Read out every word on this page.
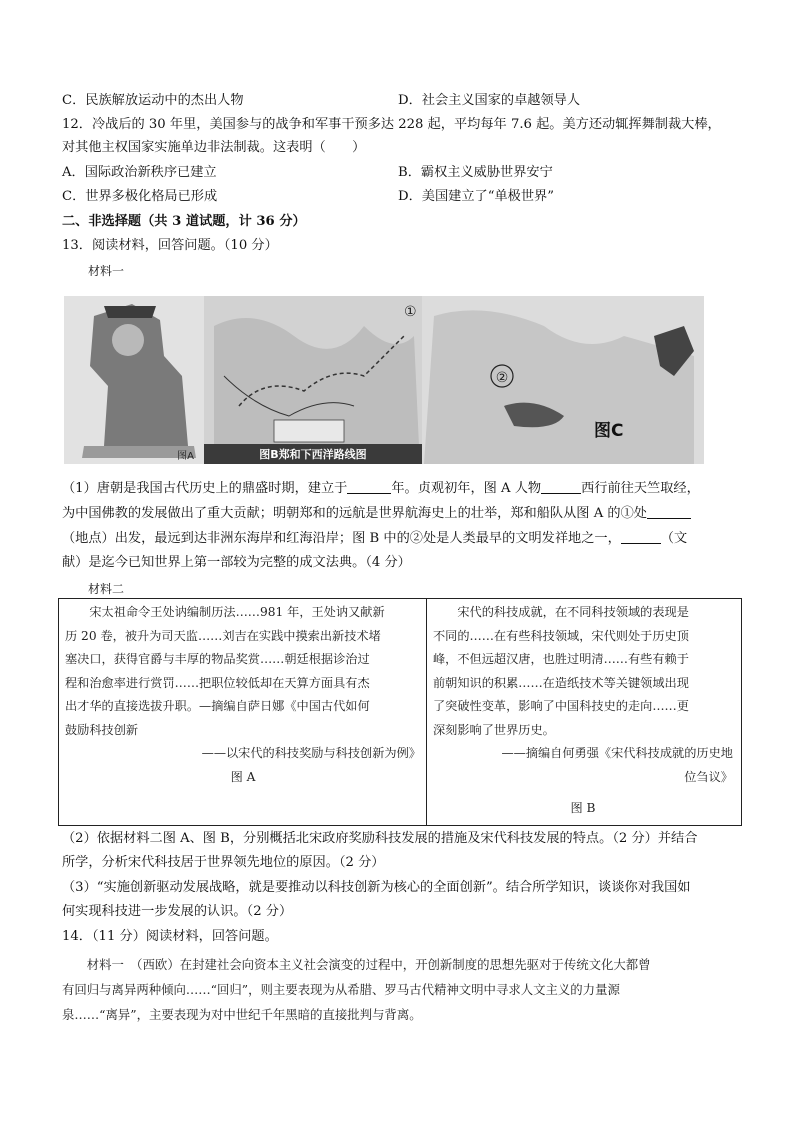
C．民族解放运动中的杰出人物	D．社会主义国家的卓越领导人
12．冷战后的 30 年里，美国参与的战争和军事干预多达 228 起，平均每年 7.6 起。美方还动辄挥舞制裁大棒，
对其他主权国家实施单边非法制裁。这表明（　　）
A．国际政治新秩序已建立	B．霸权主义威胁世界安宁
C．世界多极化格局已形成	D．美国建立了“单极世界”
二、非选择题（共 3 道试题，计 36 分）
13．阅读材料，回答问题。（10 分）
材料一
图B郑和下西洋路线图
①
②
图A
图C
（1）唐朝是我国古代历史上的鼎盛时期，建立于	年。贞观初年，图 A 人物	西行前往天竺取经，
为中国佛教的发展做出了重大贡献；明朝郑和的远航是世界航海史上的壮举，郑和船队从图 A 的①处
（地点）出发，最远到达非洲东海岸和红海沿岸；图 B 中的②处是人类最早的文明发祥地之一，	（文
献）是迄今已知世界上第一部较为完整的成文法典。（4 分）
材料二
　　宋太祖命令王处讷编制历法……981 年，王处讷又献新
历 20 卷，被升为司天监……刘吉在实践中摸索出新技术堵
塞决口，获得官爵与丰厚的物品奖赏……朝廷根据诊治过
程和治愈率进行赏罚……把职位较低却在天算方面具有杰
出才华的直接选拔升职。—摘编自萨日娜《中国古代如何
鼓励科技创新
——以宋代的科技奖励与科技创新为例》
图 A
　　宋代的科技成就，在不同科技领域的表现是
不同的……在有些科技领域，宋代则处于历史顶
峰，不但远超汉唐，也胜过明清……有些有赖于
前朝知识的积累……在造纸技术等关键领域出现
了突破性变革，影响了中国科技史的走向……更
深刻影响了世界历史。
——摘编自何勇强《宋代科技成就的历史地
位刍议》
图 B
（2）依据材料二图 A、图 B，分别概括北宋政府奖励科技发展的措施及宋代科技发展的特点。（2 分）并结合
所学，分析宋代科技居于世界领先地位的原因。（2 分）
（3）“实施创新驱动发展战略，就是要推动以科技创新为核心的全面创新”。结合所学知识，谈谈你对我国如
何实现科技进一步发展的认识。（2 分）
14．（11 分）阅读材料，回答问题。
　　材料一　（西欧）在封建社会向资本主义社会演变的过程中，开创新制度的思想先驱对于传统文化大都曾
有回归与离异两种倾向……“回归”，则主要表现为从希腊、罗马古代精神文明中寻求人文主义的力量源
泉……“离异”，主要表现为对中世纪千年黑暗的直接批判与背离。
